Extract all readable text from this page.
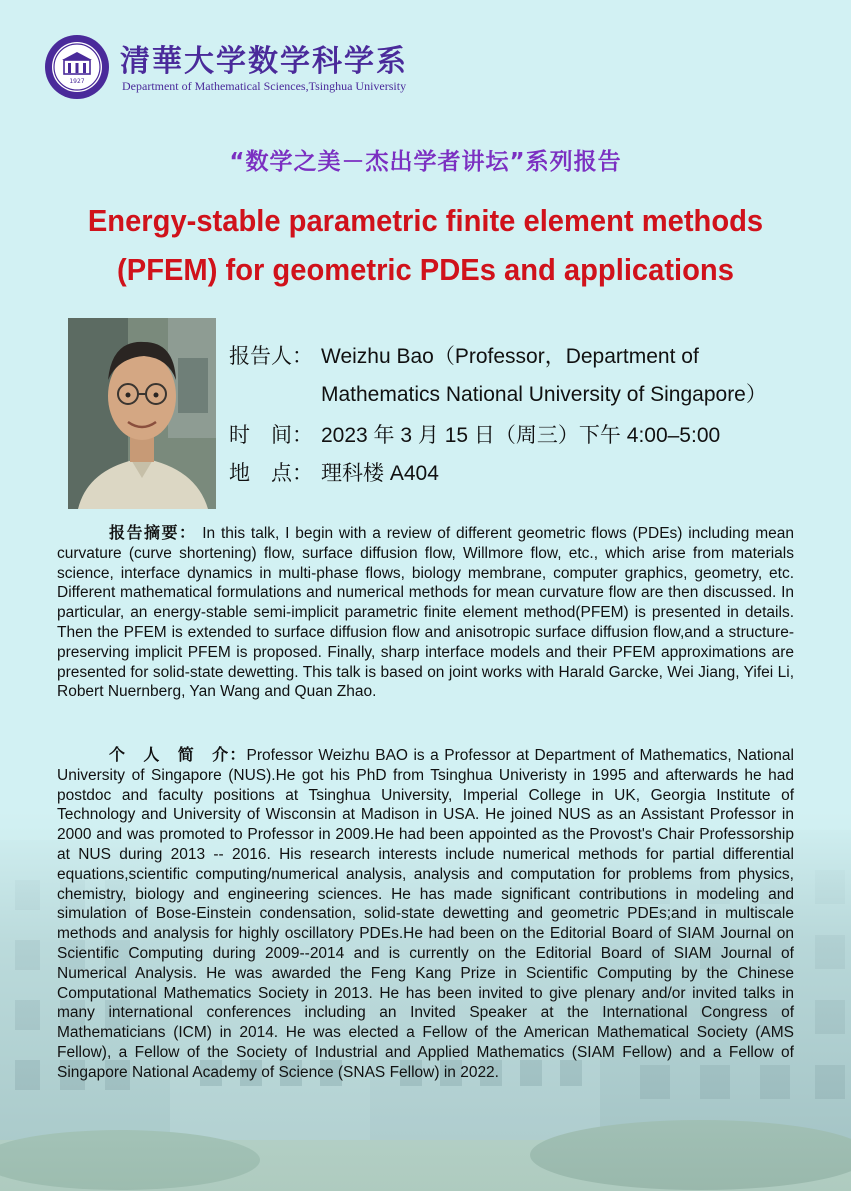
1927
清華大学数学科学系

Department of Mathematical Sciences,Tsinghua University

“数学之美－杰出学者讲坛”系列报告
Energy-stable parametric finite element methods
(PFEM) for geometric PDEs and applications
报告人： Weizhu Bao（Professor，Department of
Mathematics National University of Singapore）
时　间： 2023 年 3 月 15 日（周三）下午 4:00–5:00
地　点： 理科楼 A404

报告摘要： In this talk, I begin with a review of different geometric flows (PDEs) including mean curvature (curve shortening) flow, surface diffusion flow, Willmore flow, etc., which arise from materials science, interface dynamics in multi-phase flows, biology membrane, computer graphics, geometry, etc. Different mathematical formulations and numerical methods for mean curvature flow are then discussed. In particular, an energy-stable semi-implicit parametric finite element method(PFEM) is presented in details. Then the PFEM is extended to surface diffusion flow and anisotropic surface diffusion flow,and a structure-preserving implicit PFEM is proposed. Finally, sharp interface models and their PFEM approximations are presented for solid-state dewetting. This talk is based on joint works with Harald Garcke, Wei Jiang, Yifei Li, Robert Nuernberg, Yan Wang and Quan Zhao.

个　人　简　介：Professor Weizhu BAO is a Professor at Department of Mathematics, National University of Singapore (NUS).He got his PhD from Tsinghua Univeristy in 1995 and afterwards he had postdoc and faculty positions at Tsinghua University, Imperial College in UK, Georgia Institute of Technology and University of Wisconsin at Madison in USA. He joined NUS as an Assistant Professor in 2000 and was promoted to Professor in 2009.He had been appointed as the Provost's Chair Professorship at NUS during 2013 -- 2016. His research interests include numerical methods for partial differential equations,scientific computing/numerical analysis, analysis and computation for problems from physics, chemistry, biology and engineering sciences. He has made significant contributions in modeling and simulation of Bose-Einstein condensation, solid-state dewetting and geometric PDEs;and in multiscale methods and analysis for highly oscillatory PDEs.He had been on the Editorial Board of SIAM Journal on Scientific Computing during 2009--2014 and is currently on the Editorial Board of SIAM Journal of Numerical Analysis. He was awarded the Feng Kang Prize in Scientific Computing by the Chinese Computational Mathematics Society in 2013. He has been invited to give plenary and/or invited talks in many international conferences including an Invited Speaker at the International Congress of Mathematicians (ICM) in 2014. He was elected a Fellow of the American Mathematical Society (AMS Fellow), a Fellow of the Society of Industrial and Applied Mathematics (SIAM Fellow) and a Fellow of Singapore National Academy of Science (SNAS Fellow) in 2022.
